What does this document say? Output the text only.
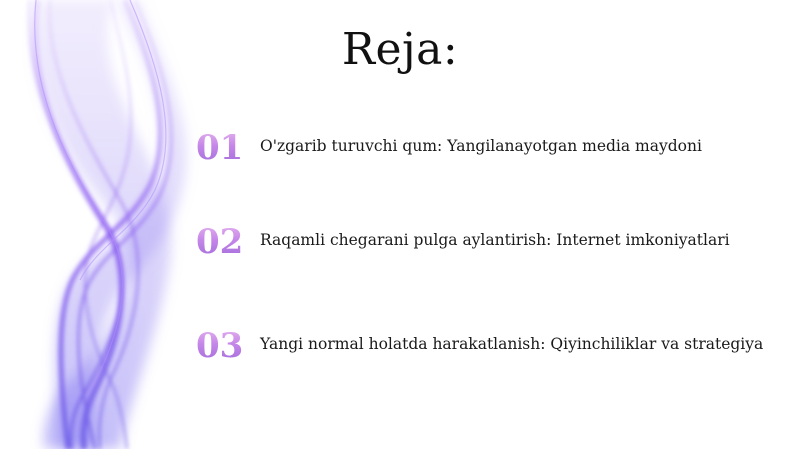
Reja:
01	O'zgarib turuvchi qum: Yangilanayotgan media maydoni
02	Raqamli chegarani pulga aylantirish: Internet imkoniyatlari
03	Yangi normal holatda harakatlanish: Qiyinchiliklar va strategiya
